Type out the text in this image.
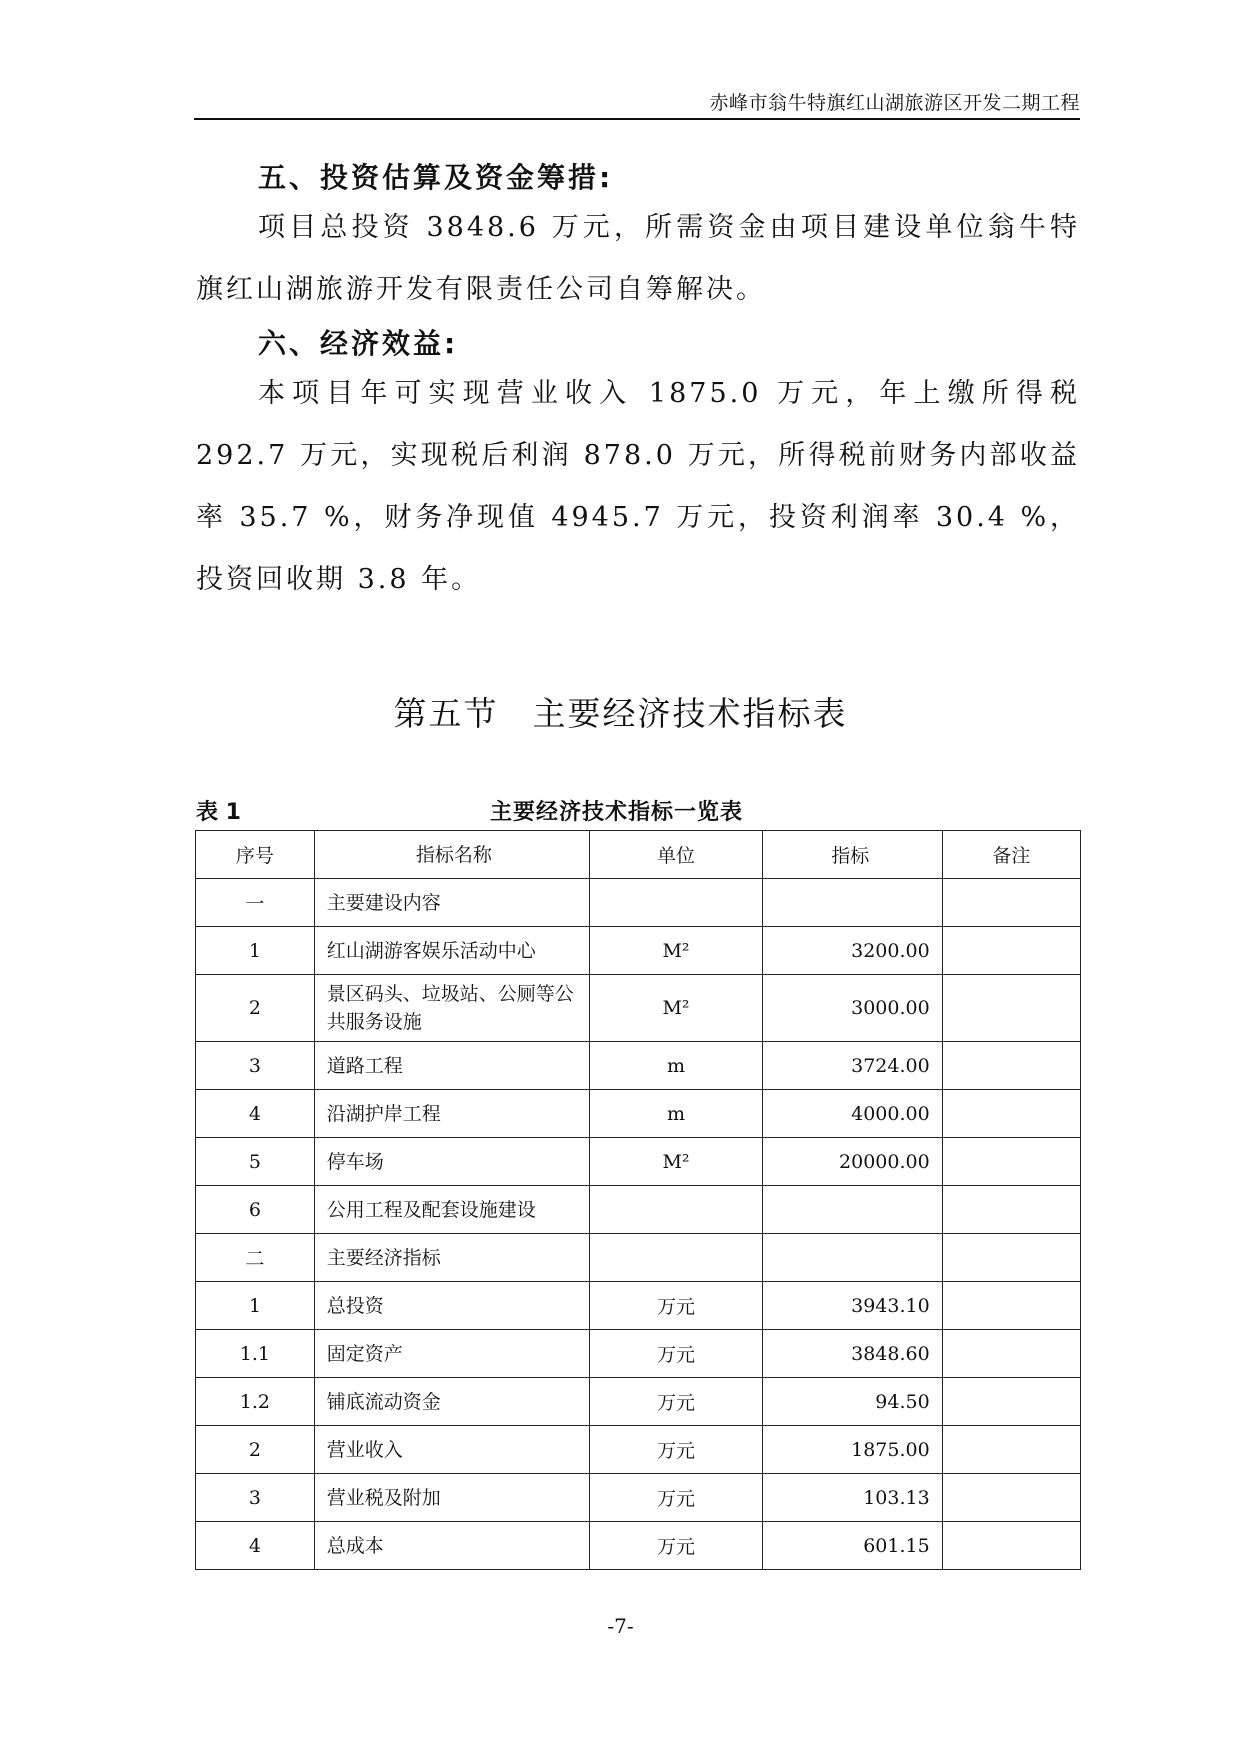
赤峰市翁牛特旗红山湖旅游区开发二期工程
五、投资估算及资金筹措:
项目总投资 3848.6 万元，所需资金由项目建设单位翁牛特旗红山湖旅游开发有限责任公司自筹解决。
六、经济效益:
本项目年可实现营业收入 1875.0 万元，年上缴所得税 292.7 万元，实现税后利润 878.0 万元，所得税前财务内部收益率 35.7 %，财务净现值 4945.7 万元，投资利润率 30.4 %，投资回收期 3.8 年。
第五节 主要经济技术指标表
表 1	主要经济技术指标一览表
序号	指标名称	单位	指标	备注
一	主要建设内容			
1	红山湖游客娱乐活动中心	M²	3200.00	
2	景区码头、垃圾站、公厕等公共服务设施	M²	3000.00	
3	道路工程	m	3724.00	
4	沿湖护岸工程	m	4000.00	
5	停车场	M²	20000.00	
6	公用工程及配套设施建设			
二	主要经济指标			
1	总投资	万元	3943.10	
1.1	固定资产	万元	3848.60	
1.2	铺底流动资金	万元	94.50	
2	营业收入	万元	1875.00	
3	营业税及附加	万元	103.13	
4	总成本	万元	601.15	
-7-
